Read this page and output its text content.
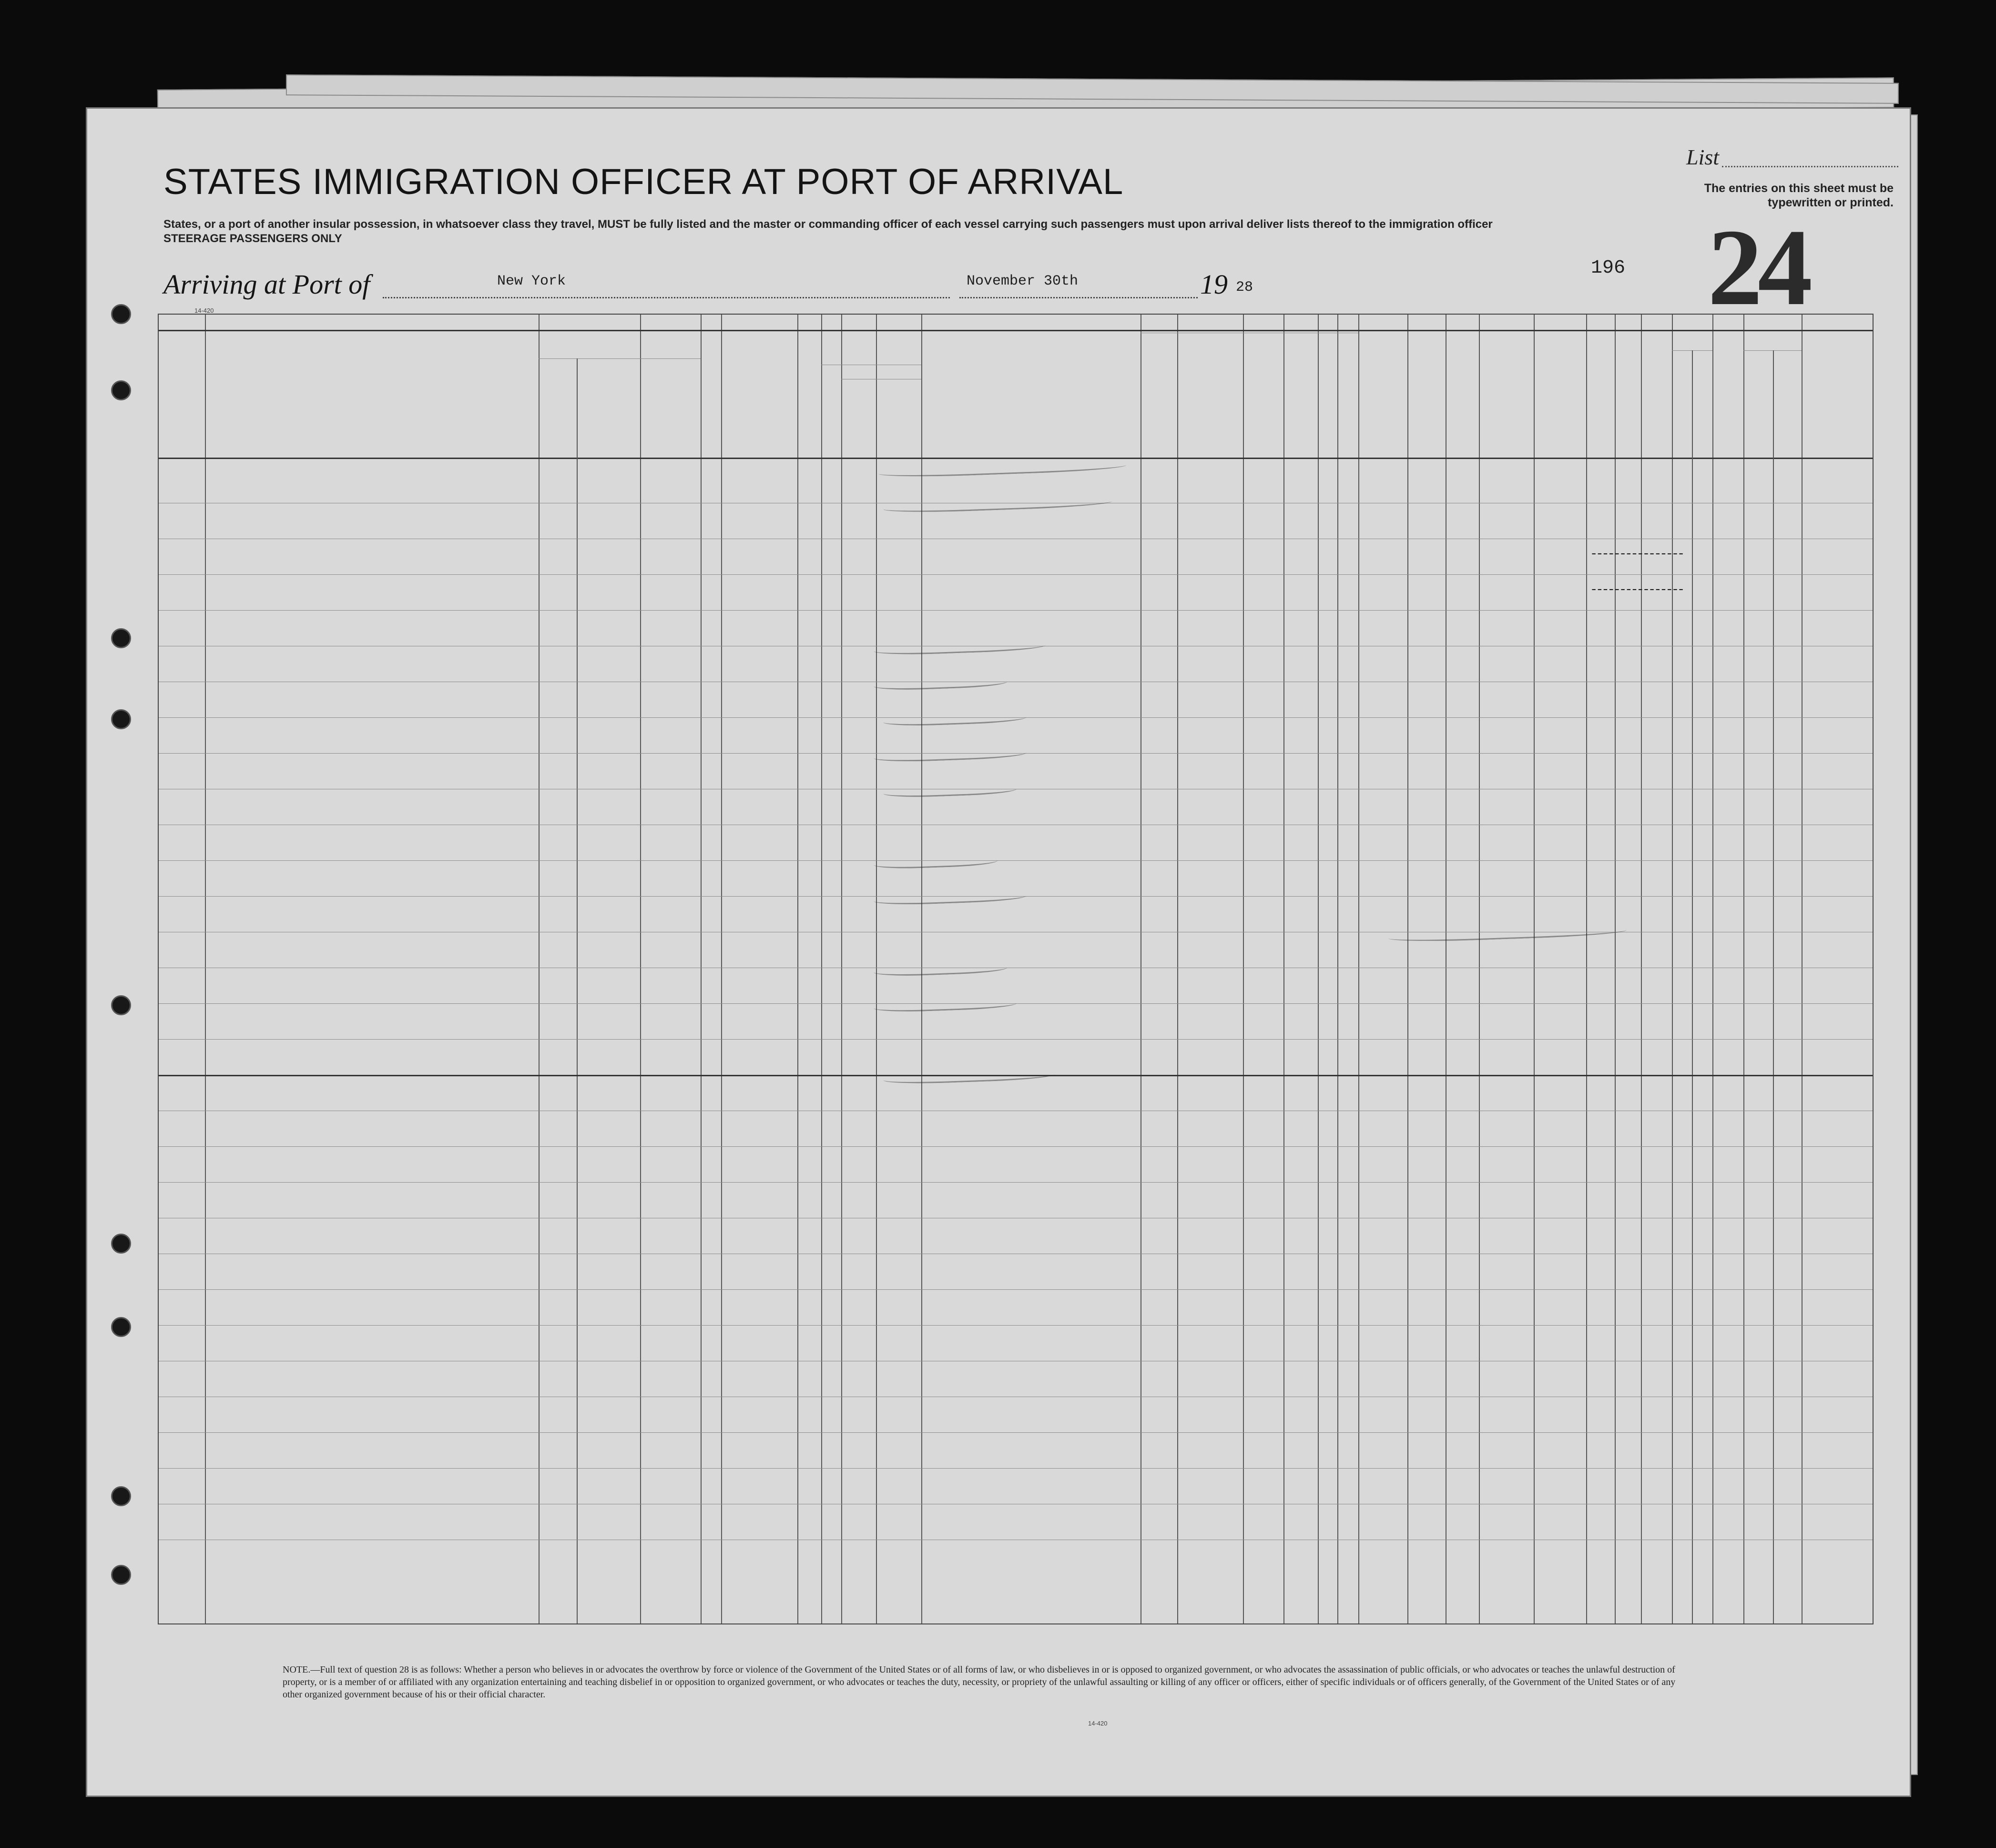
STATES IMMIGRATION OFFICER AT PORT OF ARRIVAL
States, or a port of another insular possession, in whatsoever class they travel, MUST be fully listed and the master or commanding officer of each vessel carrying such passengers must upon arrival deliver lists thereof to the immigration officer
STEERAGE PASSENGERS ONLY
List
The entries on this sheet must be typewritten or printed.
24
196
Arriving at Port of	New York	November 30th	19 28
14-420
----------------
----------------
NOTE.—Full text of question 28 is as follows: Whether a person who believes in or advocates the overthrow by force or violence of the Government of the United States or of all forms of law, or who disbelieves in or is opposed to organized government, or who advocates the assassination of public officials, or who advocates or teaches the unlawful destruction of property, or is a member of or affiliated with any organization entertaining and teaching disbelief in or opposition to organized government, or who advocates or teaches the duty, necessity, or propriety of the unlawful assaulting or killing of any officer or officers, either of specific individuals or of officers generally, of the Government of the United States or of any other organized government because of his or their official character.
14-420
